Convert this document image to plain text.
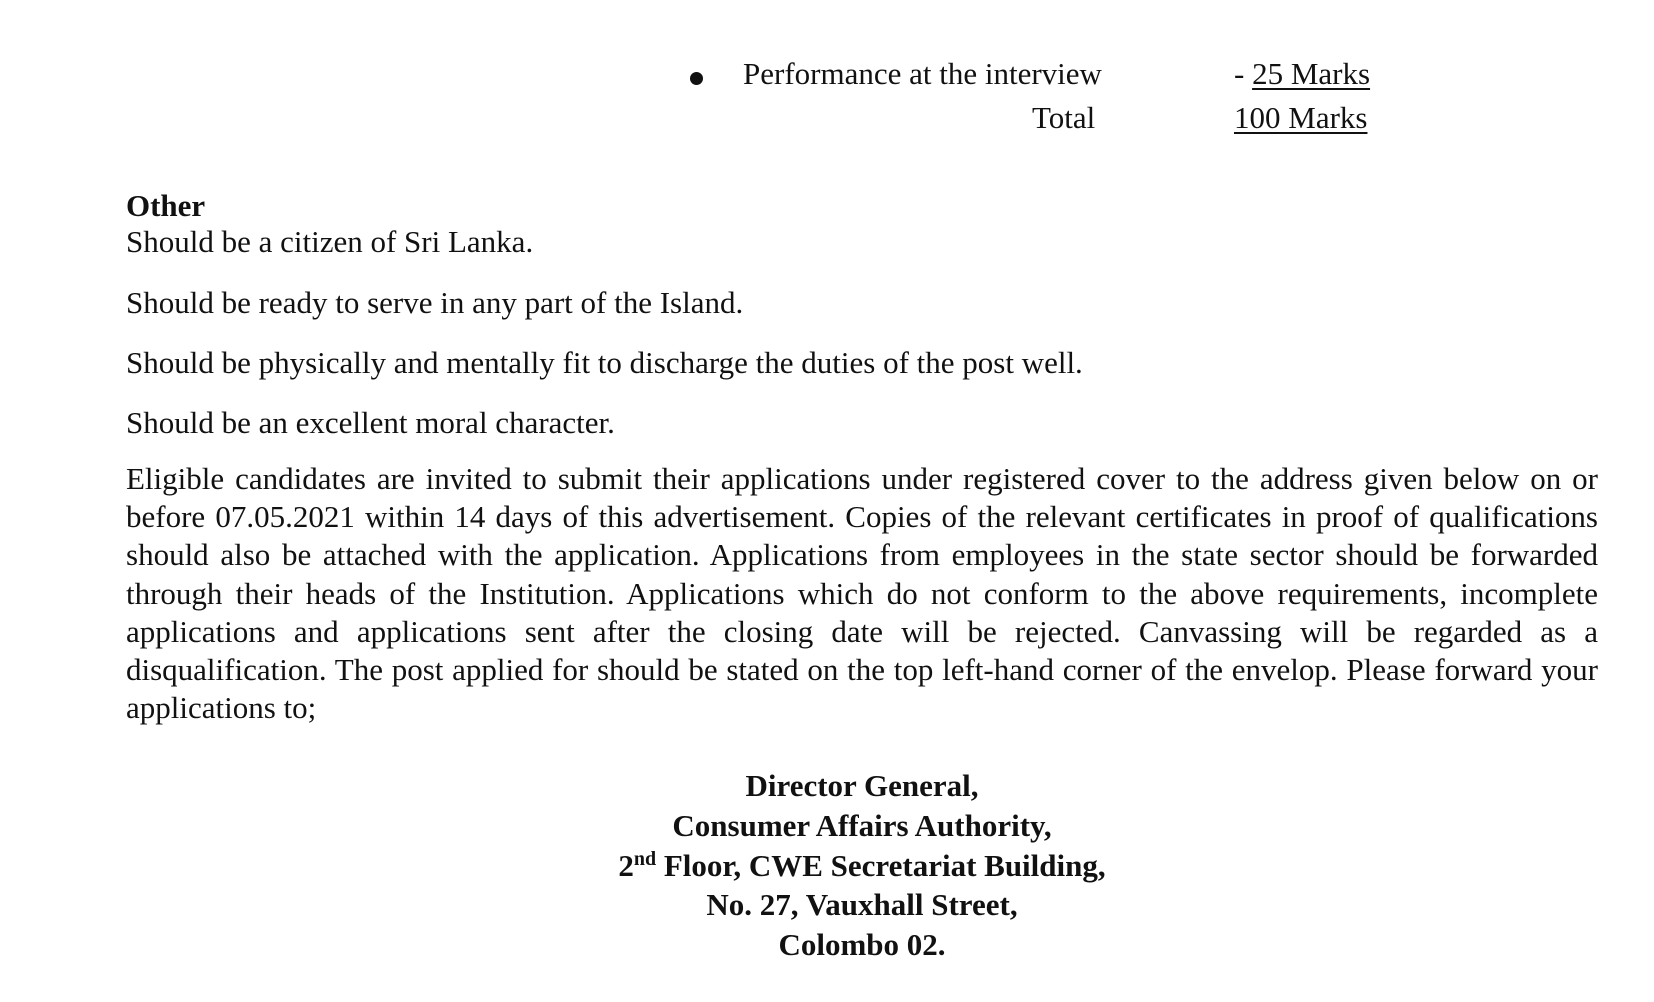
Performance at the interview	- 25 Marks
Total	100 Marks
Other
Should be a citizen of Sri Lanka.
Should be ready to serve in any part of the Island.
Should be physically and mentally fit to discharge the duties of the post well.
Should be an excellent moral character.
Eligible candidates are invited to submit their applications under registered cover to the address given below on or before 07.05.2021 within 14 days of this advertisement. Copies of the relevant certificates in proof of qualifications should also be attached with the application. Applications from employees in the state sector should be forwarded through their heads of the Institution. Applications which do not conform to the above requirements, incomplete applications and applications sent after the closing date will be rejected. Canvassing will be regarded as a disqualification. The post applied for should be stated on the top left-hand corner of the envelop. Please forward your applications to;
Director General,
Consumer Affairs Authority,
2nd Floor, CWE Secretariat Building,
No. 27, Vauxhall Street,
Colombo 02.
